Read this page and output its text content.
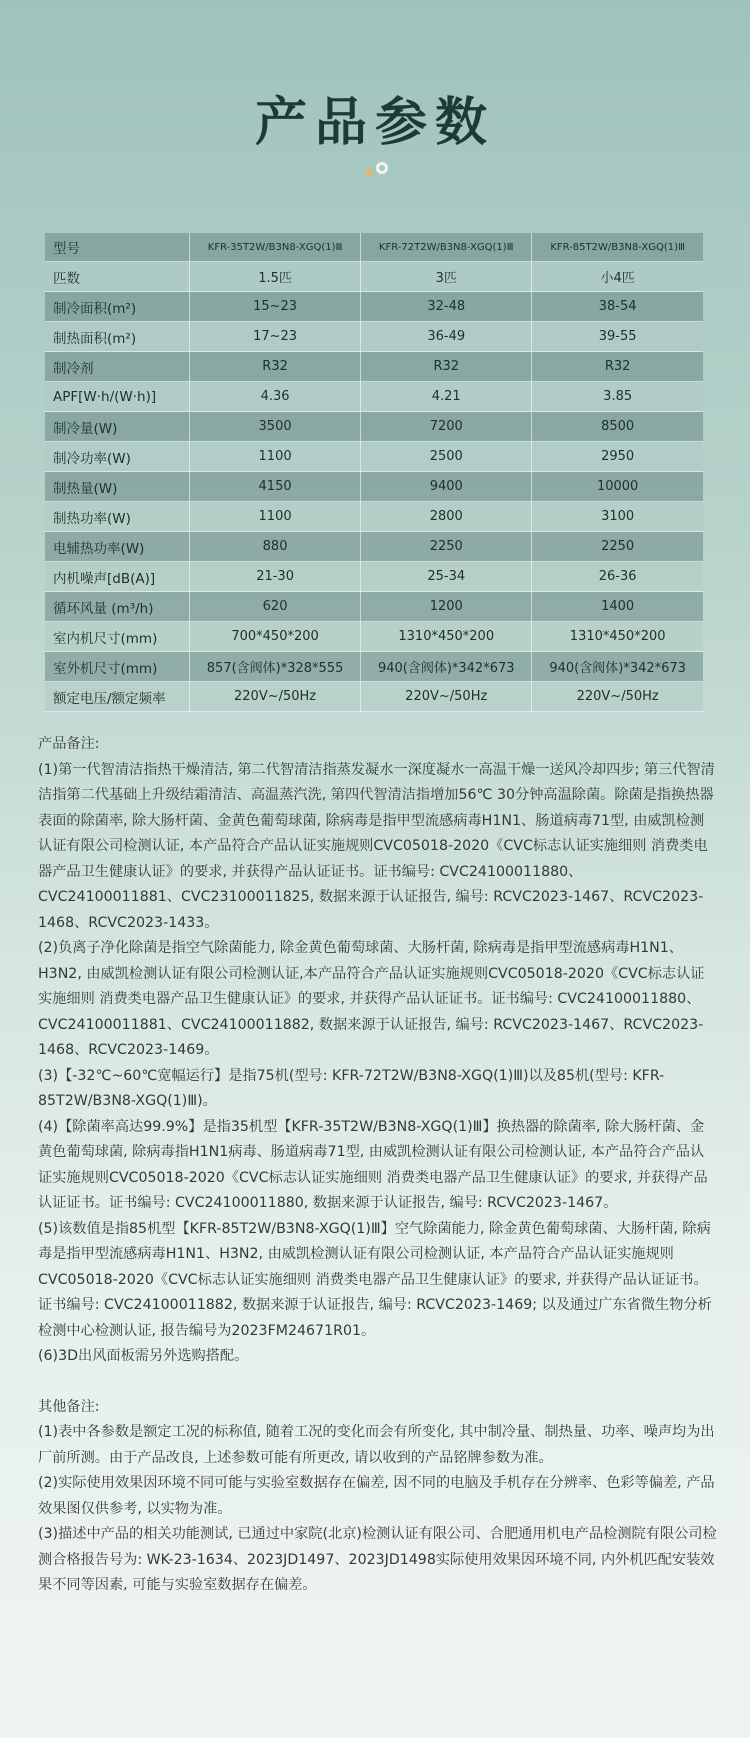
产品参数
型号	KFR-35T2W/B3N8-XGQ(1)Ⅲ	KFR-72T2W/B3N8-XGQ(1)Ⅲ	KFR-85T2W/B3N8-XGQ(1)Ⅲ
匹数	1.5匹	3匹	小4匹
制冷面积(m²)	15~23	32-48	38-54
制热面积(m²)	17~23	36-49	39-55
制冷剂	R32	R32	R32
APF[W·h/(W·h)]	4.36	4.21	3.85
制冷量(W)	3500	7200	8500
制冷功率(W)	1100	2500	2950
制热量(W)	4150	9400	10000
制热功率(W)	1100	2800	3100
电辅热功率(W)	880	2250	2250
内机噪声[dB(A)]	21-30	25-34	26-36
循环风量 (m³/h)	620	1200	1400
室内机尺寸(mm)	700*450*200	1310*450*200	1310*450*200
室外机尺寸(mm)	857(含阀体)*328*555	940(含阀体)*342*673	940(含阀体)*342*673
额定电压/额定频率	220V~/50Hz	220V~/50Hz	220V~/50Hz

产品备注:

(1)第一代智清洁指热干燥清洁, 第二代智清洁指蒸发凝水一深度凝水一高温干燥一送风冷却四步; 第三代智清洁指第二代基础上升级结霜清洁、高温蒸汽洗, 第四代智清洁指增加56℃ 30分钟高温除菌。除菌是指换热器表面的除菌率, 除大肠杆菌、金黄色葡萄球菌, 除病毒是指甲型流感病毒H1N1、肠道病毒71型, 由威凯检测认证有限公司检测认证, 本产品符合产品认证实施规则CVC05018-2020《CVC标志认证实施细则 消费类电器产品卫生健康认证》的要求, 并获得产品认证证书。证书编号: CVC24100011880、CVC24100011881、CVC23100011825, 数据来源于认证报告, 编号: RCVC2023-1467、RCVC2023-1468、RCVC2023-1433。

(2)负离子净化除菌是指空气除菌能力, 除金黄色葡萄球菌、大肠杆菌, 除病毒是指甲型流感病毒H1N1、H3N2, 由威凯检测认证有限公司检测认证,本产品符合产品认证实施规则CVC05018-2020《CVC标志认证实施细则 消费类电器产品卫生健康认证》的要求, 并获得产品认证证书。证书编号: CVC24100011880、CVC24100011881、CVC24100011882, 数据来源于认证报告, 编号: RCVC2023-1467、RCVC2023-1468、RCVC2023-1469。

(3)【-32℃~60℃宽幅运行】是指75机(型号: KFR-72T2W/B3N8-XGQ(1)Ⅲ)以及85机(型号: KFR-85T2W/B3N8-XGQ(1)Ⅲ)。

(4)【除菌率高达99.9%】是指35机型【KFR-35T2W/B3N8-XGQ(1)Ⅲ】换热器的除菌率, 除大肠杆菌、金黄色葡萄球菌, 除病毒指H1N1病毒、肠道病毒71型, 由威凯检测认证有限公司检测认证, 本产品符合产品认证实施规则CVC05018-2020《CVC标志认证实施细则 消费类电器产品卫生健康认证》的要求, 并获得产品认证证书。证书编号: CVC24100011880, 数据来源于认证报告, 编号: RCVC2023-1467。

(5)该数值是指85机型【KFR-85T2W/B3N8-XGQ(1)Ⅲ】空气除菌能力, 除金黄色葡萄球菌、大肠杆菌, 除病毒是指甲型流感病毒H1N1、H3N2, 由威凯检测认证有限公司检测认证, 本产品符合产品认证实施规则CVC05018-2020《CVC标志认证实施细则 消费类电器产品卫生健康认证》的要求, 并获得产品认证证书。证书编号: CVC24100011882, 数据来源于认证报告, 编号: RCVC2023-1469; 以及通过广东省微生物分析检测中心检测认证, 报告编号为2023FM24671R01。

(6)3D出风面板需另外选购搭配。

其他备注:

(1)表中各参数是额定工况的标称值, 随着工况的变化而会有所变化, 其中制冷量、制热量、功率、噪声均为出厂前所测。由于产品改良, 上述参数可能有所更改, 请以收到的产品铭牌参数为准。

(2)实际使用效果因环境不同可能与实验室数据存在偏差, 因不同的电脑及手机存在分辨率、色彩等偏差, 产品效果图仅供参考, 以实物为准。

(3)描述中产品的相关功能测试, 已通过中家院(北京)检测认证有限公司、合肥通用机电产品检测院有限公司检测合格报告号为: WK-23-1634、2023JD1497、2023JD1498实际使用效果因环境不同, 内外机匹配安装效果不同等因素, 可能与实验室数据存在偏差。
